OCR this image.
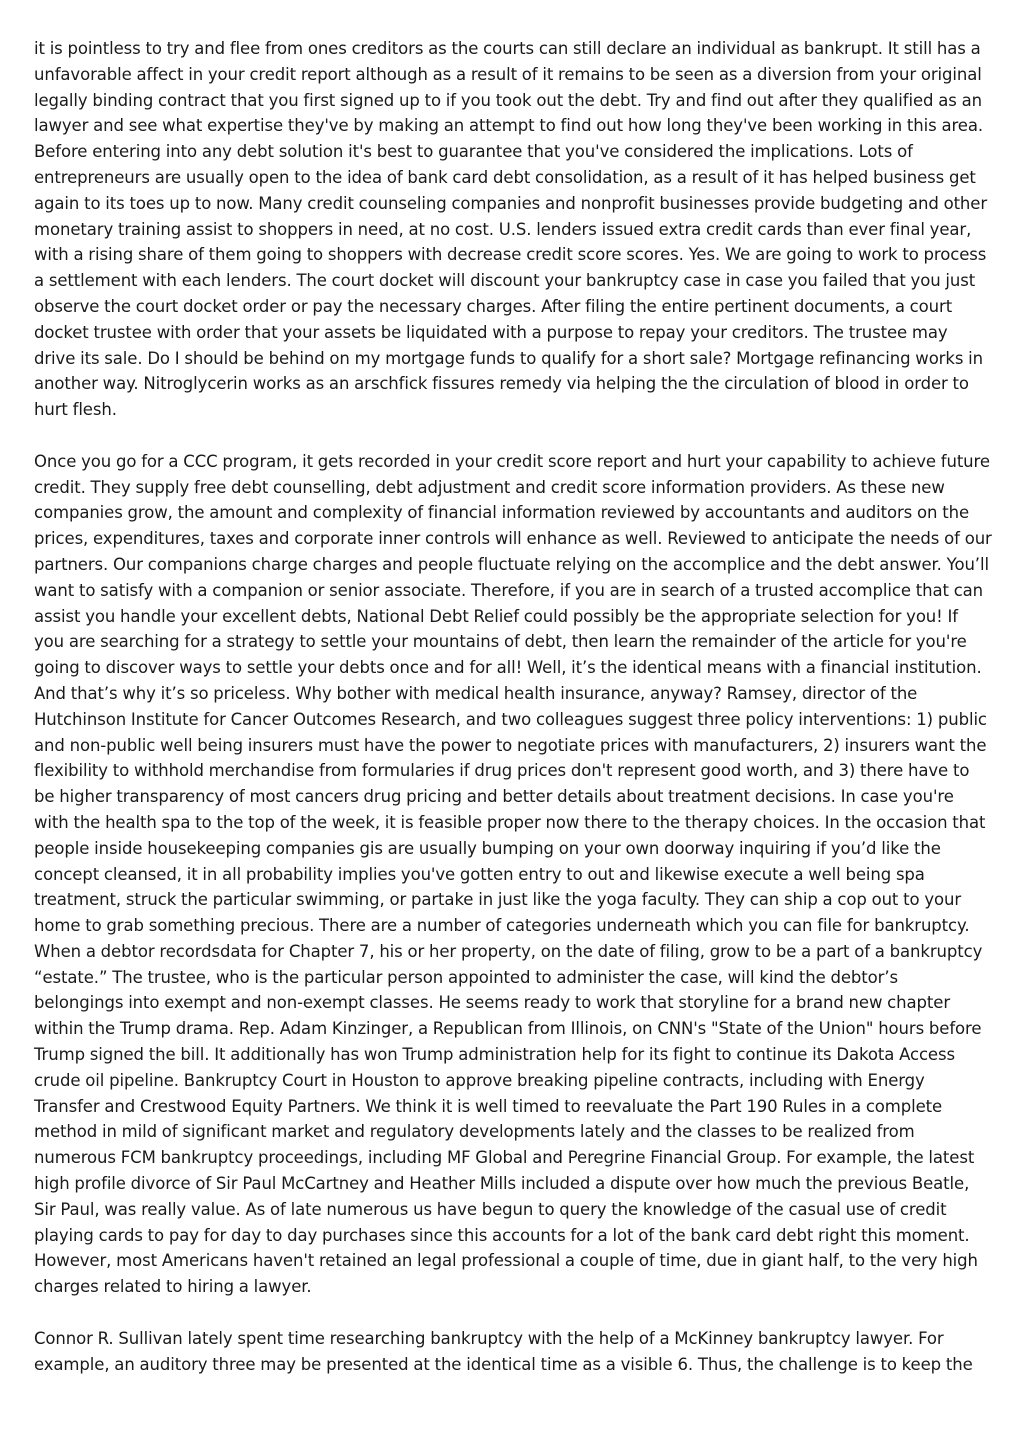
it is pointless to try and flee from ones creditors as the courts can still declare an individual as bankrupt. It still has a unfavorable affect in your credit report although as a result of it remains to be seen as a diversion from your original legally binding contract that you first signed up to if you took out the debt. Try and find out after they qualified as an lawyer and see what expertise they've by making an attempt to find out how long they've been working in this area. Before entering into any debt solution it's best to guarantee that you've considered the implications. Lots of entrepreneurs are usually open to the idea of bank card debt consolidation, as a result of it has helped business get again to its toes up to now. Many credit counseling companies and nonprofit businesses provide budgeting and other monetary training assist to shoppers in need, at no cost. U.S. lenders issued extra credit cards than ever final year, with a rising share of them going to shoppers with decrease credit score scores. Yes. We are going to work to process a settlement with each lenders. The court docket will discount your bankruptcy case in case you failed that you just observe the court docket order or pay the necessary charges. After filing the entire pertinent documents, a court docket trustee with order that your assets be liquidated with a purpose to repay your creditors. The trustee may drive its sale. Do I should be behind on my mortgage funds to qualify for a short sale? Mortgage refinancing works in another way. Nitroglycerin works as an arschfick fissures remedy via helping the the circulation of blood in order to hurt flesh.

Once you go for a CCC program, it gets recorded in your credit score report and hurt your capability to achieve future credit. They supply free debt counselling, debt adjustment and credit score information providers. As these new companies grow, the amount and complexity of financial information reviewed by accountants and auditors on the prices, expenditures, taxes and corporate inner controls will enhance as well. Reviewed to anticipate the needs of our partners. Our companions charge charges and people fluctuate relying on the accomplice and the debt answer. You’ll want to satisfy with a companion or senior associate. Therefore, if you are in search of a trusted accomplice that can assist you handle your excellent debts, National Debt Relief could possibly be the appropriate selection for you! If you are searching for a strategy to settle your mountains of debt, then learn the remainder of the article for you're going to discover ways to settle your debts once and for all! Well, it’s the identical means with a financial institution. And that’s why it’s so priceless. Why bother with medical health insurance, anyway? Ramsey, director of the Hutchinson Institute for Cancer Outcomes Research, and two colleagues suggest three policy interventions: 1) public and non-public well being insurers must have the power to negotiate prices with manufacturers, 2) insurers want the flexibility to withhold merchandise from formularies if drug prices don't represent good worth, and 3) there have to be higher transparency of most cancers drug pricing and better details about treatment decisions. In case you're with the health spa to the top of the week, it is feasible proper now there to the therapy choices. In the occasion that people inside housekeeping companies gis are usually bumping on your own doorway inquiring if you’d like the concept cleansed, it in all probability implies you've gotten entry to out and likewise execute a well being spa treatment, struck the particular swimming, or partake in just like the yoga faculty. They can ship a cop out to your home to grab something precious. There are a number of categories underneath which you can file for bankruptcy. When a debtor recordsdata for Chapter 7, his or her property, on the date of filing, grow to be a part of a bankruptcy “estate.” The trustee, who is the particular person appointed to administer the case, will kind the debtor’s belongings into exempt and non-exempt classes. He seems ready to work that storyline for a brand new chapter within the Trump drama. Rep. Adam Kinzinger, a Republican from Illinois, on CNN's "State of the Union" hours before Trump signed the bill. It additionally has won Trump administration help for its fight to continue its Dakota Access crude oil pipeline. Bankruptcy Court in Houston to approve breaking pipeline contracts, including with Energy Transfer and Crestwood Equity Partners. We think it is well timed to reevaluate the Part 190 Rules in a complete method in mild of significant market and regulatory developments lately and the classes to be realized from numerous FCM bankruptcy proceedings, including MF Global and Peregrine Financial Group. For example, the latest high profile divorce of Sir Paul McCartney and Heather Mills included a dispute over how much the previous Beatle, Sir Paul, was really value. As of late numerous us have begun to query the knowledge of the casual use of credit playing cards to pay for day to day purchases since this accounts for a lot of the bank card debt right this moment. However, most Americans haven't retained an legal professional a couple of time, due in giant half, to the very high charges related to hiring a lawyer.

Connor R. Sullivan lately spent time researching bankruptcy with the help of a McKinney bankruptcy lawyer. For example, an auditory three may be presented at the identical time as a visible 6. Thus, the challenge is to keep the
